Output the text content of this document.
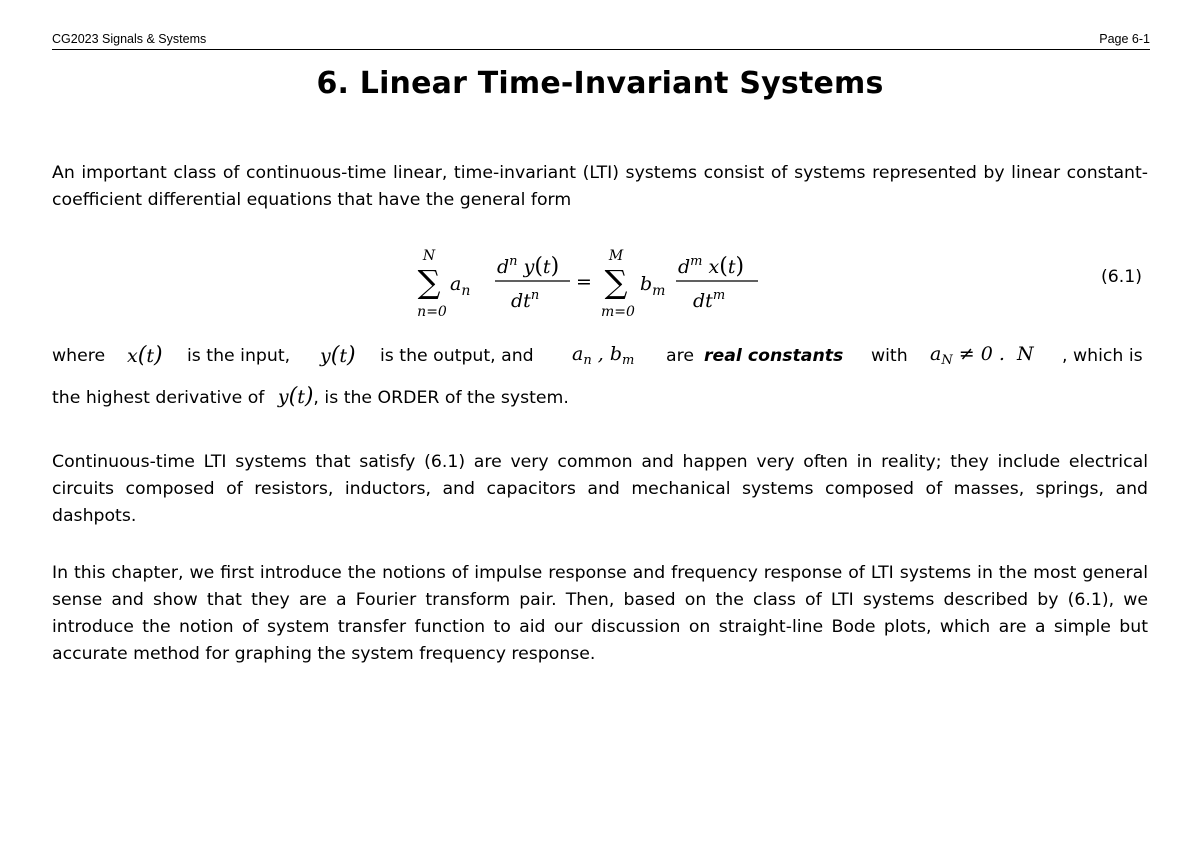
CG2023 Signals & Systems	Page 6-1
6. Linear Time-Invariant Systems
An important class of continuous-time linear, time-invariant (LTI) systems consist of systems represented by linear constant-coefficient differential equations that have the general form
N
∑
n=0
$a_n$
$d^n$ y(t)
$dt^n$
=
M
∑
m=0
$b_m$
$d^m$ x(t)
$dt^m$
(6.1)
where x(t) is the input, y(t) is the output, and $a_n$ , $b_m$ are real constants with $a_N \ne 0$ .  N , which is
the highest derivative of y(t), is the ORDER of the system.
Continuous-time LTI systems that satisfy (6.1) are very common and happen very often in reality; they include electrical circuits composed of resistors, inductors, and capacitors and mechanical systems composed of masses, springs, and dashpots.
In this chapter, we first introduce the notions of impulse response and frequency response of LTI systems in the most general sense and show that they are a Fourier transform pair. Then, based on the class of LTI systems described by (6.1), we introduce the notion of system transfer function to aid our discussion on straight-line Bode plots, which are a simple but accurate method for graphing the system frequency response.
